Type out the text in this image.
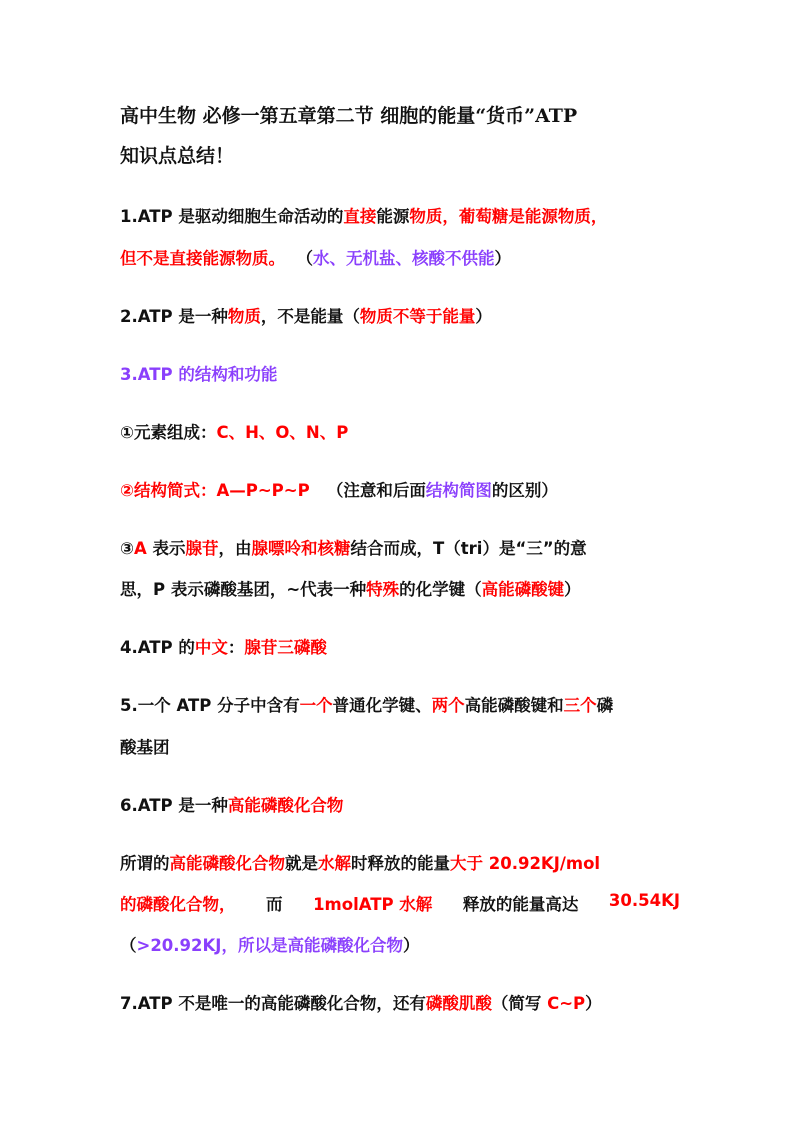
高中生物 必修一第五章第二节 细胞的能量“货币”ATP
知识点总结！
1.ATP 是驱动细胞生命活动的直接能源物质，葡萄糖是能源物质，
但不是直接能源物质。 （水、无机盐、核酸不供能）
2.ATP 是一种物质，不是能量（物质不等于能量）
3.ATP 的结构和功能
①元素组成：C、H、O、N、P
②结构简式：A—P~P~P （注意和后面结构简图的区别）
③A 表示腺苷，由腺嘌呤和核糖结合而成，T（tri）是“三”的意
思，P 表示磷酸基团，~代表一种特殊的化学键（高能磷酸键）
4.ATP 的中文：腺苷三磷酸
5.一个 ATP 分子中含有一个普通化学键、两个高能磷酸键和三个磷
酸基团
6.ATP 是一种高能磷酸化合物
所谓的高能磷酸化合物就是水解时释放的能量大于 20.92KJ/mol
的磷酸化合物， 而 1molATP 水解 释放的能量高达 30.54KJ
（>20.92KJ，所以是高能磷酸化合物）
7.ATP 不是唯一的高能磷酸化合物，还有磷酸肌酸（简写 C~P）
